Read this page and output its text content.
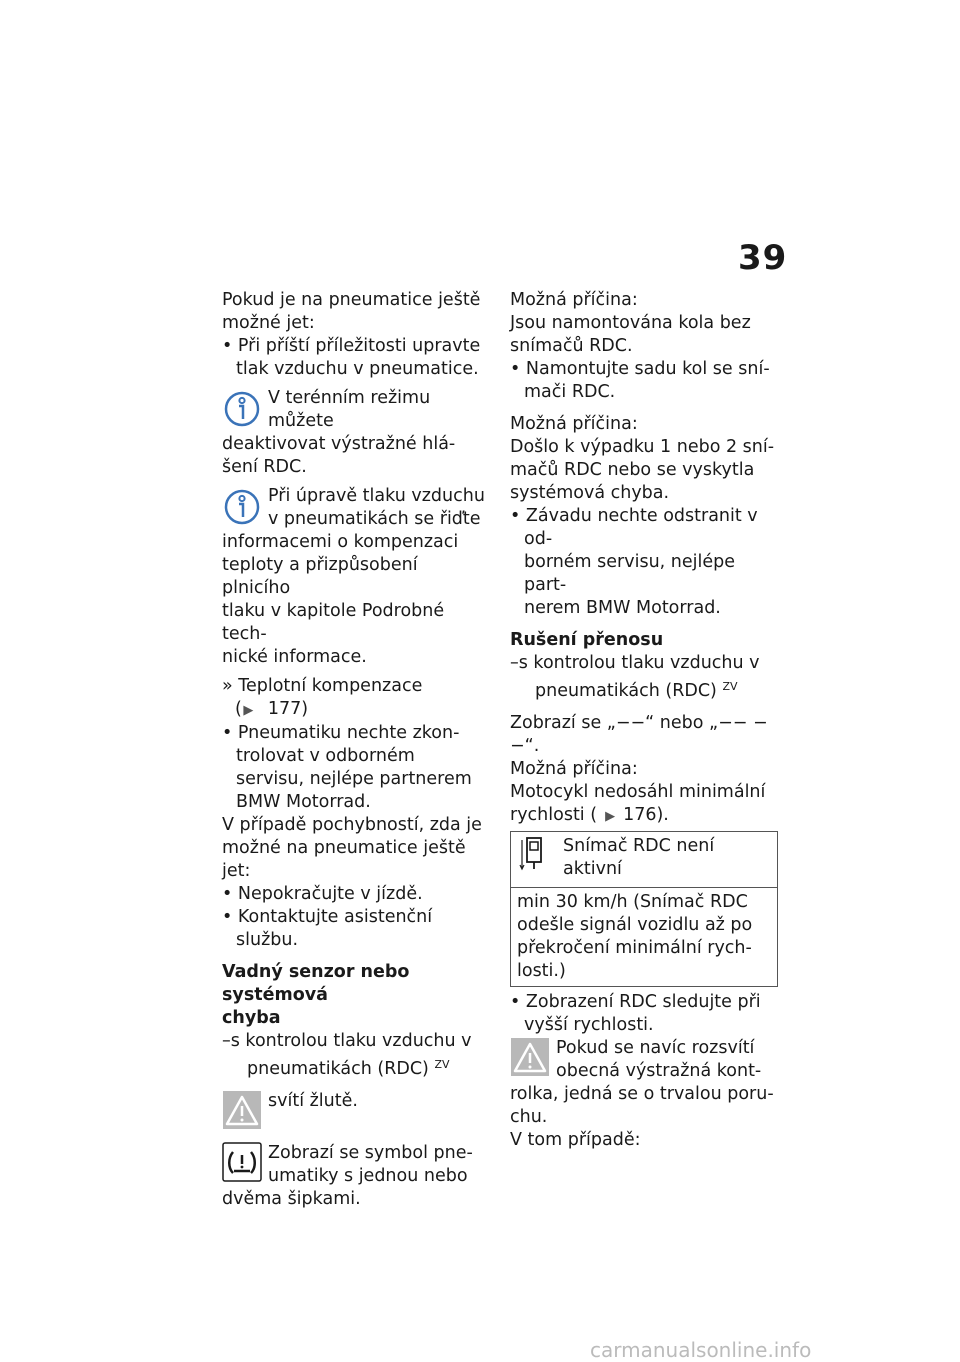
39

Pokud je na pneumatice ještě

možné jet:

• Při příští příležitosti upravte
tlak vzduchu v pneumatice.

V terénním režimu můžete

deaktivovat výstražné hlá-

šení RDC.

Při úpravě tlaku vzduchu

v pneumatikách se řiďte

informacemi o kompenzaci

teploty a přizpůsobení plnicího

tlaku v kapitole Podrobné tech-

nické informace.

» Teplotní kompenzace
( ▶ 177)

• Pneumatiku nechte zkon-
trolovat v odborném
servisu, nejlépe partnerem
BMW Motorrad.

V případě pochybností, zda je

možné na pneumatice ještě jet:

• Nepokračujte v jízdě.

• Kontaktujte asistenční službu.

Vadný senzor nebo systémová

chyba

–s kontrolou tlaku vzduchu v
pneumatikách (RDC) $^{ZV}$

svítí žlutě.

Zobrazí se symbol pne-

umatiky s jednou nebo

dvěma šipkami.

Možná příčina:

Jsou namontována kola bez

snímačů RDC.

• Namontujte sadu kol se sní-
mači RDC.

Možná příčina:

Došlo k výpadku 1 nebo 2 sní-

mačů RDC nebo se vyskytla

systémová chyba.

• Závadu nechte odstranit v od-
borném servisu, nejlépe part-
nerem BMW Motorrad.

Rušení přenosu

–s kontrolou tlaku vzduchu v
pneumatikách (RDC) $^{ZV}$

Zobrazí se „−−“ nebo „−− −−“.

Možná příčina:

Motocykl nedosáhl minimální

rychlosti ( ▶ 176).

Snímač RDC není aktivní

min 30 km/h (Snímač RDC

odešle signál vozidlu až po

překročení minimální rych-

losti.)

• Zobrazení RDC sledujte při
vyšší rychlosti.

Pokud se navíc rozsvítí

obecná výstražná kont-

rolka, jedná se o trvalou poru-

chu.

V tom případě:

carmanualsonline.info
